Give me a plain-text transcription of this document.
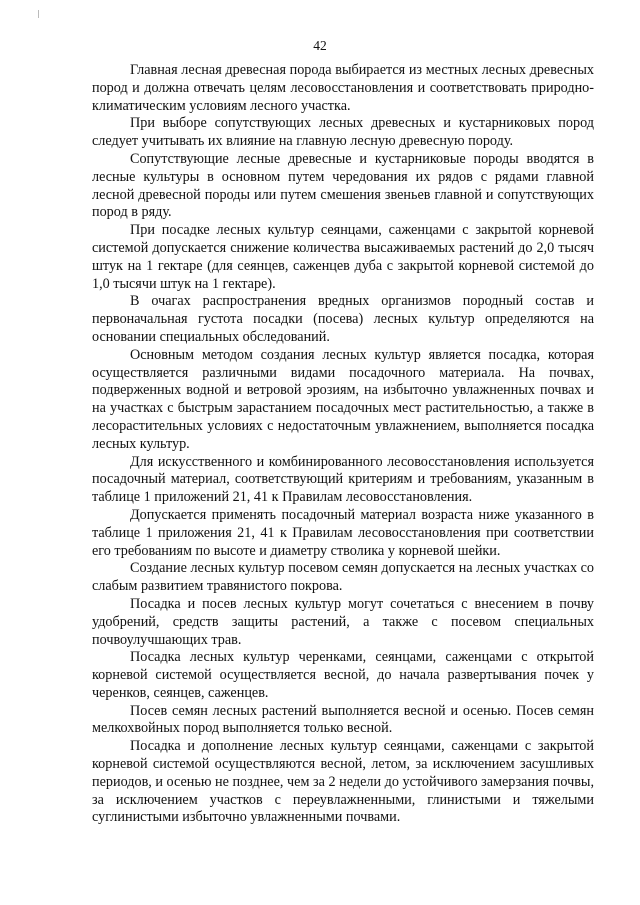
42

Главная лесная древесная порода выбирается из местных лесных древесных пород и должна отвечать целям лесовосстановления и соответствовать природно-климатическим условиям лесного участка.

При выборе сопутствующих лесных древесных и кустарниковых пород следует учитывать их влияние на главную лесную древесную породу.

Сопутствующие лесные древесные и кустарниковые породы вводятся в лесные культуры в основном путем чередования их рядов с рядами главной лесной древесной породы или путем смешения звеньев главной и сопутствующих пород в ряду.

При посадке лесных культур сеянцами, саженцами с закрытой корневой системой допускается снижение количества высаживаемых растений до 2,0 тысяч штук на 1 гектаре (для сеянцев, саженцев дуба с закрытой корневой системой до 1,0 тысячи штук на 1 гектаре).

В очагах распространения вредных организмов породный состав и первоначальная густота посадки (посева) лесных культур определяются на основании специальных обследований.

Основным методом создания лесных культур является посадка, которая осуществляется различными видами посадочного материала. На почвах, подверженных водной и ветровой эрозиям, на избыточно увлажненных почвах и на участках с быстрым зарастанием посадочных мест растительностью, а также в лесорастительных условиях с недостаточным увлажнением, выполняется посадка лесных культур.

Для искусственного и комбинированного лесовосстановления используется посадочный материал, соответствующий критериям и требованиям, указанным в таблице 1 приложений 21, 41 к Правилам лесовосстановления.

Допускается применять посадочный материал возраста ниже указанного в таблице 1 приложения 21, 41 к Правилам лесовосстановления при соответствии его требованиям по высоте и диаметру стволика у корневой шейки.

Создание лесных культур посевом семян допускается на лесных участках со слабым развитием травянистого покрова.

Посадка и посев лесных культур могут сочетаться с внесением в почву удобрений, средств защиты растений, а также с посевом специальных почвоулучшающих трав.

Посадка лесных культур черенками, сеянцами, саженцами с открытой корневой системой осуществляется весной, до начала развертывания почек у черенков, сеянцев, саженцев.

Посев семян лесных растений выполняется весной и осенью. Посев семян мелкохвойных пород выполняется только весной.

Посадка и дополнение лесных культур сеянцами, саженцами с закрытой корневой системой осуществляются весной, летом, за исключением засушливых периодов, и осенью не позднее, чем за 2 недели до устойчивого замерзания почвы, за исключением участков с переувлажненными, глинистыми и тяжелыми суглинистыми избыточно увлажненными почвами.
